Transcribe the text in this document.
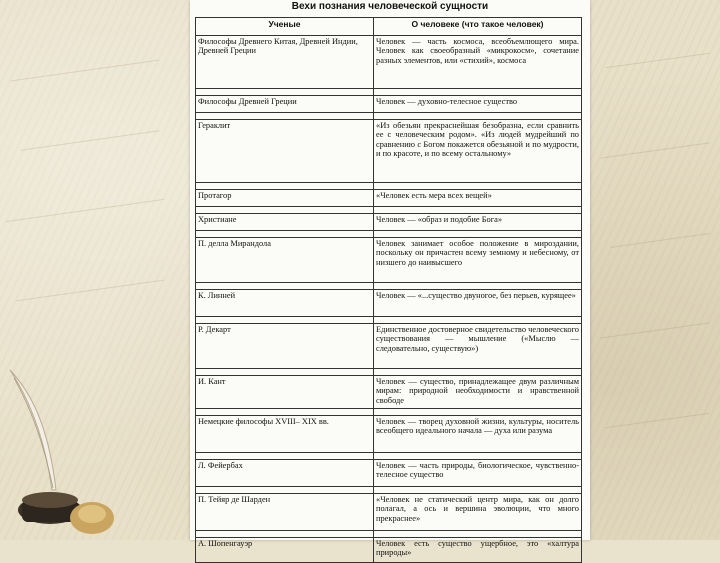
Вехи познания человеческой сущности
Ученые	О человеке (что такое человек)
Философы Древнего Китая, Древней Индии, Древней Греции	Человек — часть космоса, всеобъемлющего мира. Человек как своеобразный «микрокосм», сочетание разных элементов, или «стихий», космоса

Философы Древней Греции	Человек — духовно-телесное существо

Гераклит	«Из обезьян прекраснейшая безобразна, если сравнить ее с человеческим родом». «Из людей мудрейший по сравнению с Богом покажется обезьяной и по мудрости, и по красоте, и по всему остальному»

Протагор	«Человек есть мера всех вещей»

Христиане	Человек — «образ и подобие Бога»

П. делла Мирандола	Человек занимает особое положение в мироздании, поскольку он причастен всему земному и небесному, от низшего до наивысшего

К. Линней	Человек — «...существо двуногое, без перьев, курящее»

Р. Декарт	Единственное достоверное свидетельство человеческого существования — мышление («Мыслю — следовательно, существую»)

И. Кант	Человек — существо, принадлежащее двум различным мирам: природной необходимости и нравственной свободе

Немецкие философы XVIII– XIX вв.	Человек — творец духовной жизни, культуры, носитель всеобщего идеального начала — духа или разума

Л. Фейербах	Человек — часть природы, биологическое, чувственно-телесное существо

П. Тейяр де Шарден	«Человек не статический центр мира, как он долго полагал, а ось и вершина эволюции, что много прекраснее»

А. Шопенгауэр	Человек есть существо ущербное, это «халтура природы»
